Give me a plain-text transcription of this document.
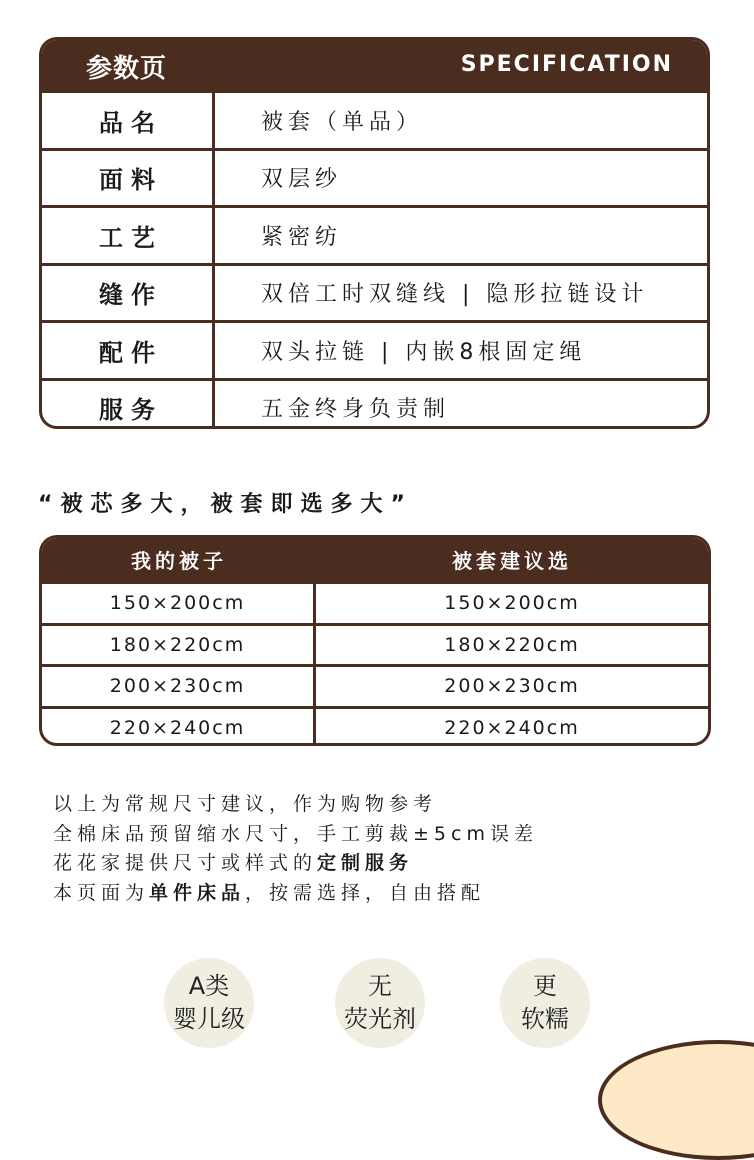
参数页	SPECIFICATION
品名	被套（单品）
面料	双层纱
工艺	紧密纺
缝作	双倍工时双缝线 | 隐形拉链设计
配件	双头拉链 | 内嵌8根固定绳
服务	五金终身负责制
“被芯多大，被套即选多大”
我的被子	被套建议选
150×200cm	150×200cm
180×220cm	180×220cm
200×230cm	200×230cm
220×240cm	220×240cm
以上为常规尺寸建议，作为购物参考
全棉床品预留缩水尺寸，手工剪裁±5cm误差
花花家提供尺寸或样式的定制服务
本页面为单件床品，按需选择，自由搭配
A类
婴儿级
无
荧光剂
更
软糯
